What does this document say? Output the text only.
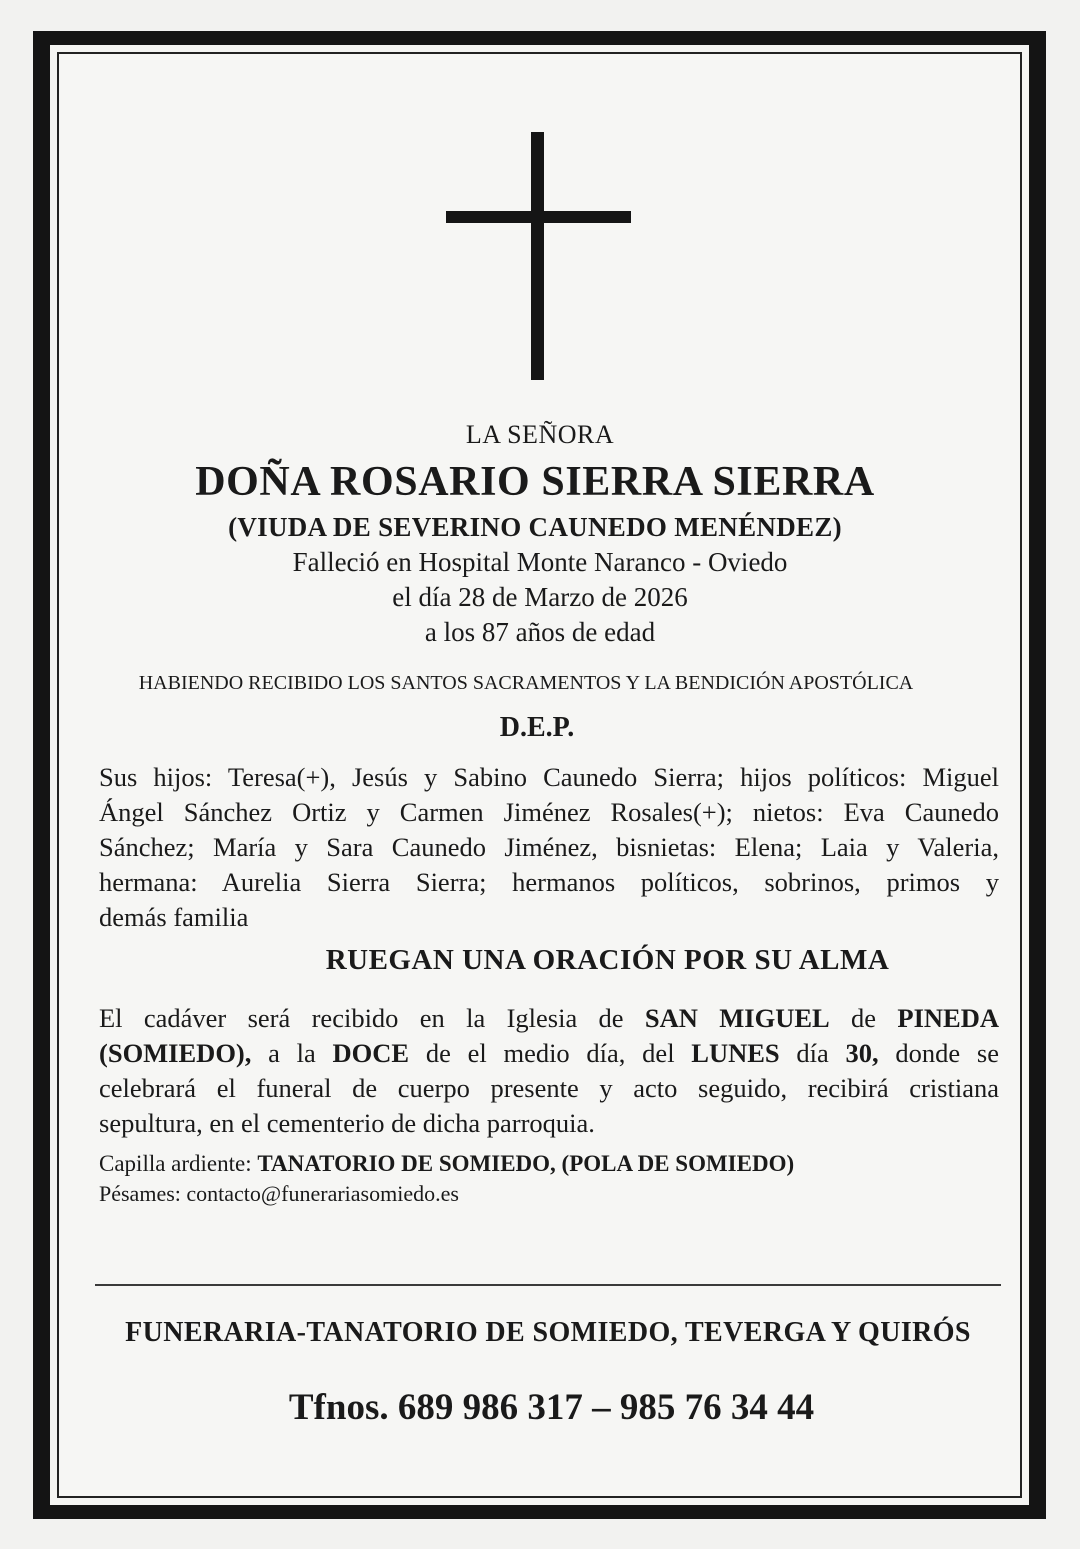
LA SEÑORA
DOÑA ROSARIO SIERRA SIERRA
(VIUDA DE SEVERINO CAUNEDO MENÉNDEZ)
Falleció en Hospital Monte Naranco - Oviedo
el día 28 de Marzo de 2026
a los 87 años de edad
HABIENDO RECIBIDO LOS SANTOS SACRAMENTOS Y LA BENDICIÓN APOSTÓLICA
D.E.P.
Sus hijos: Teresa(+), Jesús y Sabino Caunedo Sierra; hijos políticos: Miguel
Ángel Sánchez Ortiz y Carmen Jiménez Rosales(+); nietos: Eva Caunedo
Sánchez; María y Sara Caunedo Jiménez, bisnietas: Elena; Laia y Valeria,
hermana: Aurelia Sierra Sierra; hermanos políticos, sobrinos, primos y
demás familia
RUEGAN UNA ORACIÓN POR SU ALMA
El cadáver será recibido en la Iglesia de SAN MIGUEL de PINEDA
(SOMIEDO), a la DOCE de el medio día, del LUNES día 30, donde se
celebrará el funeral de cuerpo presente y acto seguido, recibirá cristiana
sepultura, en el cementerio de dicha parroquia.
Capilla ardiente: TANATORIO DE SOMIEDO, (POLA DE SOMIEDO)
Pésames: contacto@funerariasomiedo.es
FUNERARIA-TANATORIO DE SOMIEDO, TEVERGA Y QUIRÓS
Tfnos. 689 986 317 – 985 76 34 44
